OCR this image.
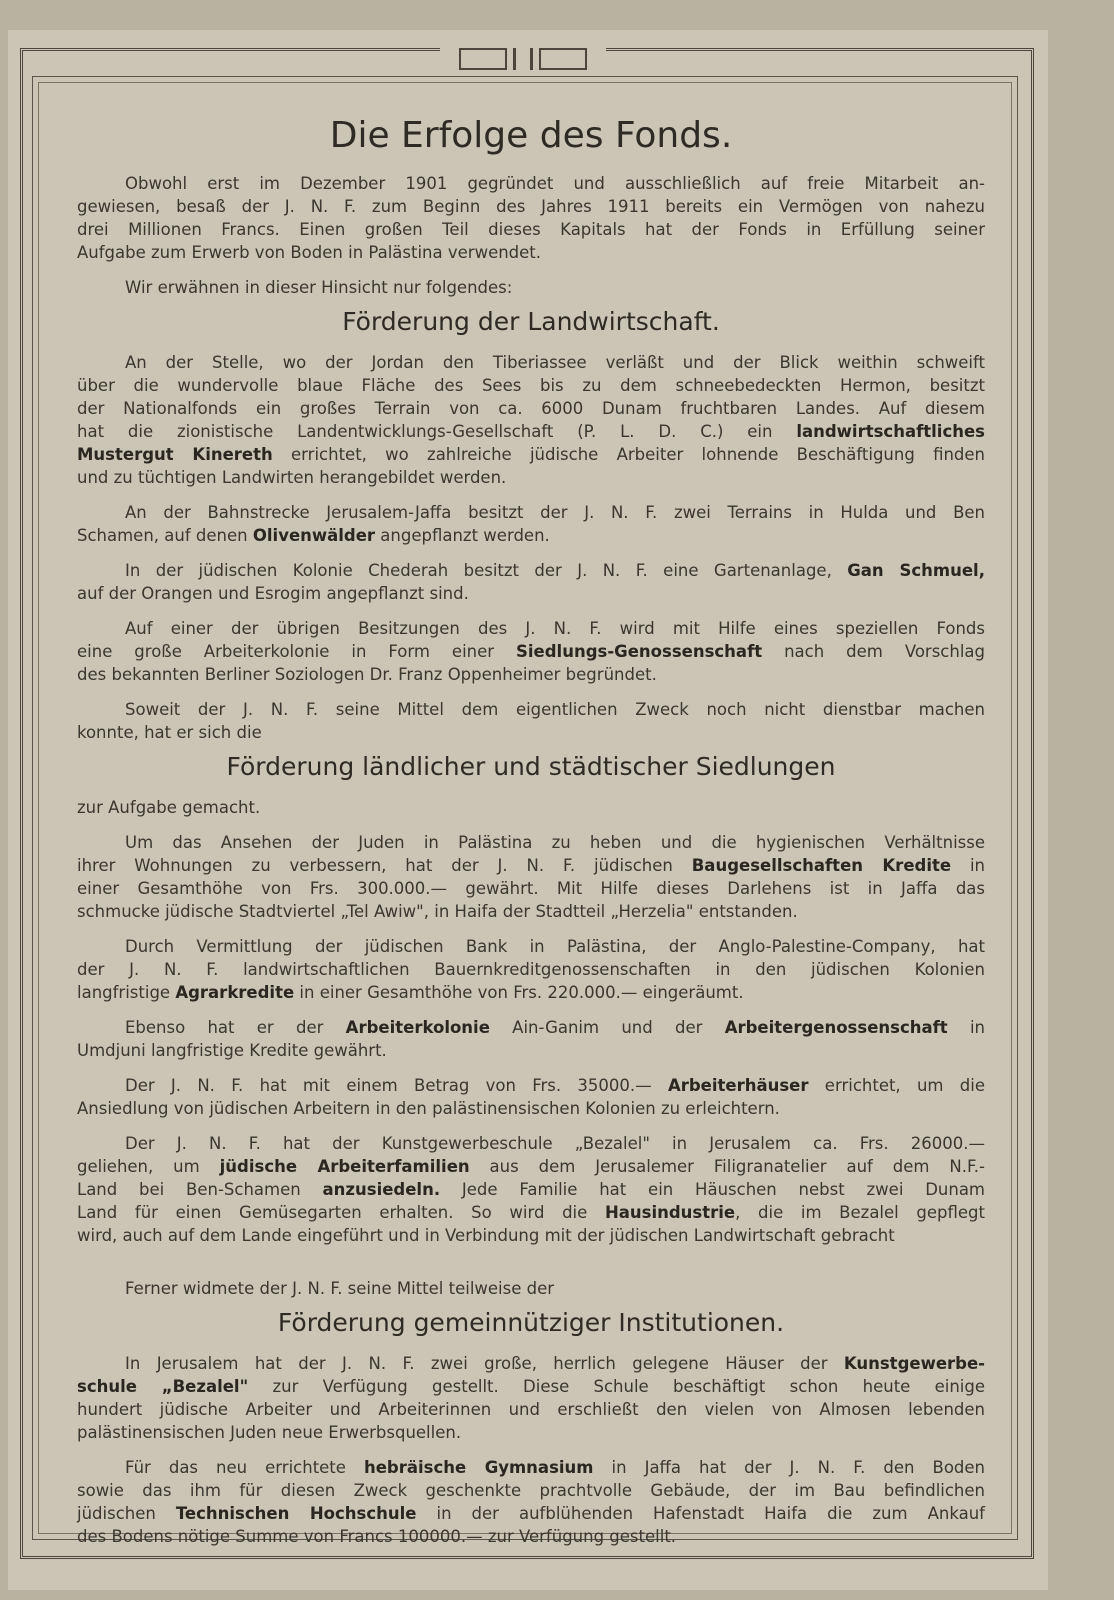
Die Erfolge des Fonds.
Obwohl erst im Dezember 1901 gegründet und ausschließlich auf freie Mitarbeit an-
gewiesen, besaß der J. N. F. zum Beginn des Jahres 1911 bereits ein Vermögen von nahezu
drei Millionen Francs. Einen großen Teil dieses Kapitals hat der Fonds in Erfüllung seiner
Aufgabe zum Erwerb von Boden in Palästina verwendet.
Wir erwähnen in dieser Hinsicht nur folgendes:
Förderung der Landwirtschaft.
An der Stelle, wo der Jordan den Tiberiassee verläßt und der Blick weithin schweift
über die wundervolle blaue Fläche des Sees bis zu dem schneebedeckten Hermon, besitzt
der Nationalfonds ein großes Terrain von ca. 6000 Dunam fruchtbaren Landes. Auf diesem
hat die zionistische Landentwicklungs-Gesellschaft (P. L. D. C.) ein landwirtschaftliches
Mustergut Kinereth errichtet, wo zahlreiche jüdische Arbeiter lohnende Beschäftigung finden
und zu tüchtigen Landwirten herangebildet werden.
An der Bahnstrecke Jerusalem-Jaffa besitzt der J. N. F. zwei Terrains in Hulda und Ben
Schamen, auf denen Olivenwälder angepflanzt werden.
In der jüdischen Kolonie Chederah besitzt der J. N. F. eine Gartenanlage, Gan Schmuel,
auf der Orangen und Esrogim angepflanzt sind.
Auf einer der übrigen Besitzungen des J. N. F. wird mit Hilfe eines speziellen Fonds
eine große Arbeiterkolonie in Form einer Siedlungs-Genossenschaft nach dem Vorschlag
des bekannten Berliner Soziologen Dr. Franz Oppenheimer begründet.
Soweit der J. N. F. seine Mittel dem eigentlichen Zweck noch nicht dienstbar machen
konnte, hat er sich die
Förderung ländlicher und städtischer Siedlungen
zur Aufgabe gemacht.
Um das Ansehen der Juden in Palästina zu heben und die hygienischen Verhältnisse
ihrer Wohnungen zu verbessern, hat der J. N. F. jüdischen Baugesellschaften Kredite in
einer Gesamthöhe von Frs. 300.000.— gewährt. Mit Hilfe dieses Darlehens ist in Jaffa das
schmucke jüdische Stadtviertel „Tel Awiw", in Haifa der Stadtteil „Herzelia" entstanden.
Durch Vermittlung der jüdischen Bank in Palästina, der Anglo-Palestine-Company, hat
der J. N. F. landwirtschaftlichen Bauernkreditgenossenschaften in den jüdischen Kolonien
langfristige Agrarkredite in einer Gesamthöhe von Frs. 220.000.— eingeräumt.
Ebenso hat er der Arbeiterkolonie Ain-Ganim und der Arbeitergenossenschaft in
Umdjuni langfristige Kredite gewährt.
Der J. N. F. hat mit einem Betrag von Frs. 35000.— Arbeiterhäuser errichtet, um die
Ansiedlung von jüdischen Arbeitern in den palästinensischen Kolonien zu erleichtern.
Der J. N. F. hat der Kunstgewerbeschule „Bezalel" in Jerusalem ca. Frs. 26000.—
geliehen, um jüdische Arbeiterfamilien aus dem Jerusalemer Filigranatelier auf dem N.F.-
Land bei Ben-Schamen anzusiedeln. Jede Familie hat ein Häuschen nebst zwei Dunam
Land für einen Gemüsegarten erhalten. So wird die Hausindustrie, die im Bezalel gepflegt
wird, auch auf dem Lande eingeführt und in Verbindung mit der jüdischen Landwirtschaft gebracht
Ferner widmete der J. N. F. seine Mittel teilweise der
Förderung gemeinnütziger Institutionen.
In Jerusalem hat der J. N. F. zwei große, herrlich gelegene Häuser der Kunstgewerbe-
schule „Bezalel" zur Verfügung gestellt. Diese Schule beschäftigt schon heute einige
hundert jüdische Arbeiter und Arbeiterinnen und erschließt den vielen von Almosen lebenden
palästinensischen Juden neue Erwerbsquellen.
Für das neu errichtete hebräische Gymnasium in Jaffa hat der J. N. F. den Boden
sowie das ihm für diesen Zweck geschenkte prachtvolle Gebäude, der im Bau befindlichen
jüdischen Technischen Hochschule in der aufblühenden Hafenstadt Haifa die zum Ankauf
des Bodens nötige Summe von Francs 100000.— zur Verfügung gestellt.
